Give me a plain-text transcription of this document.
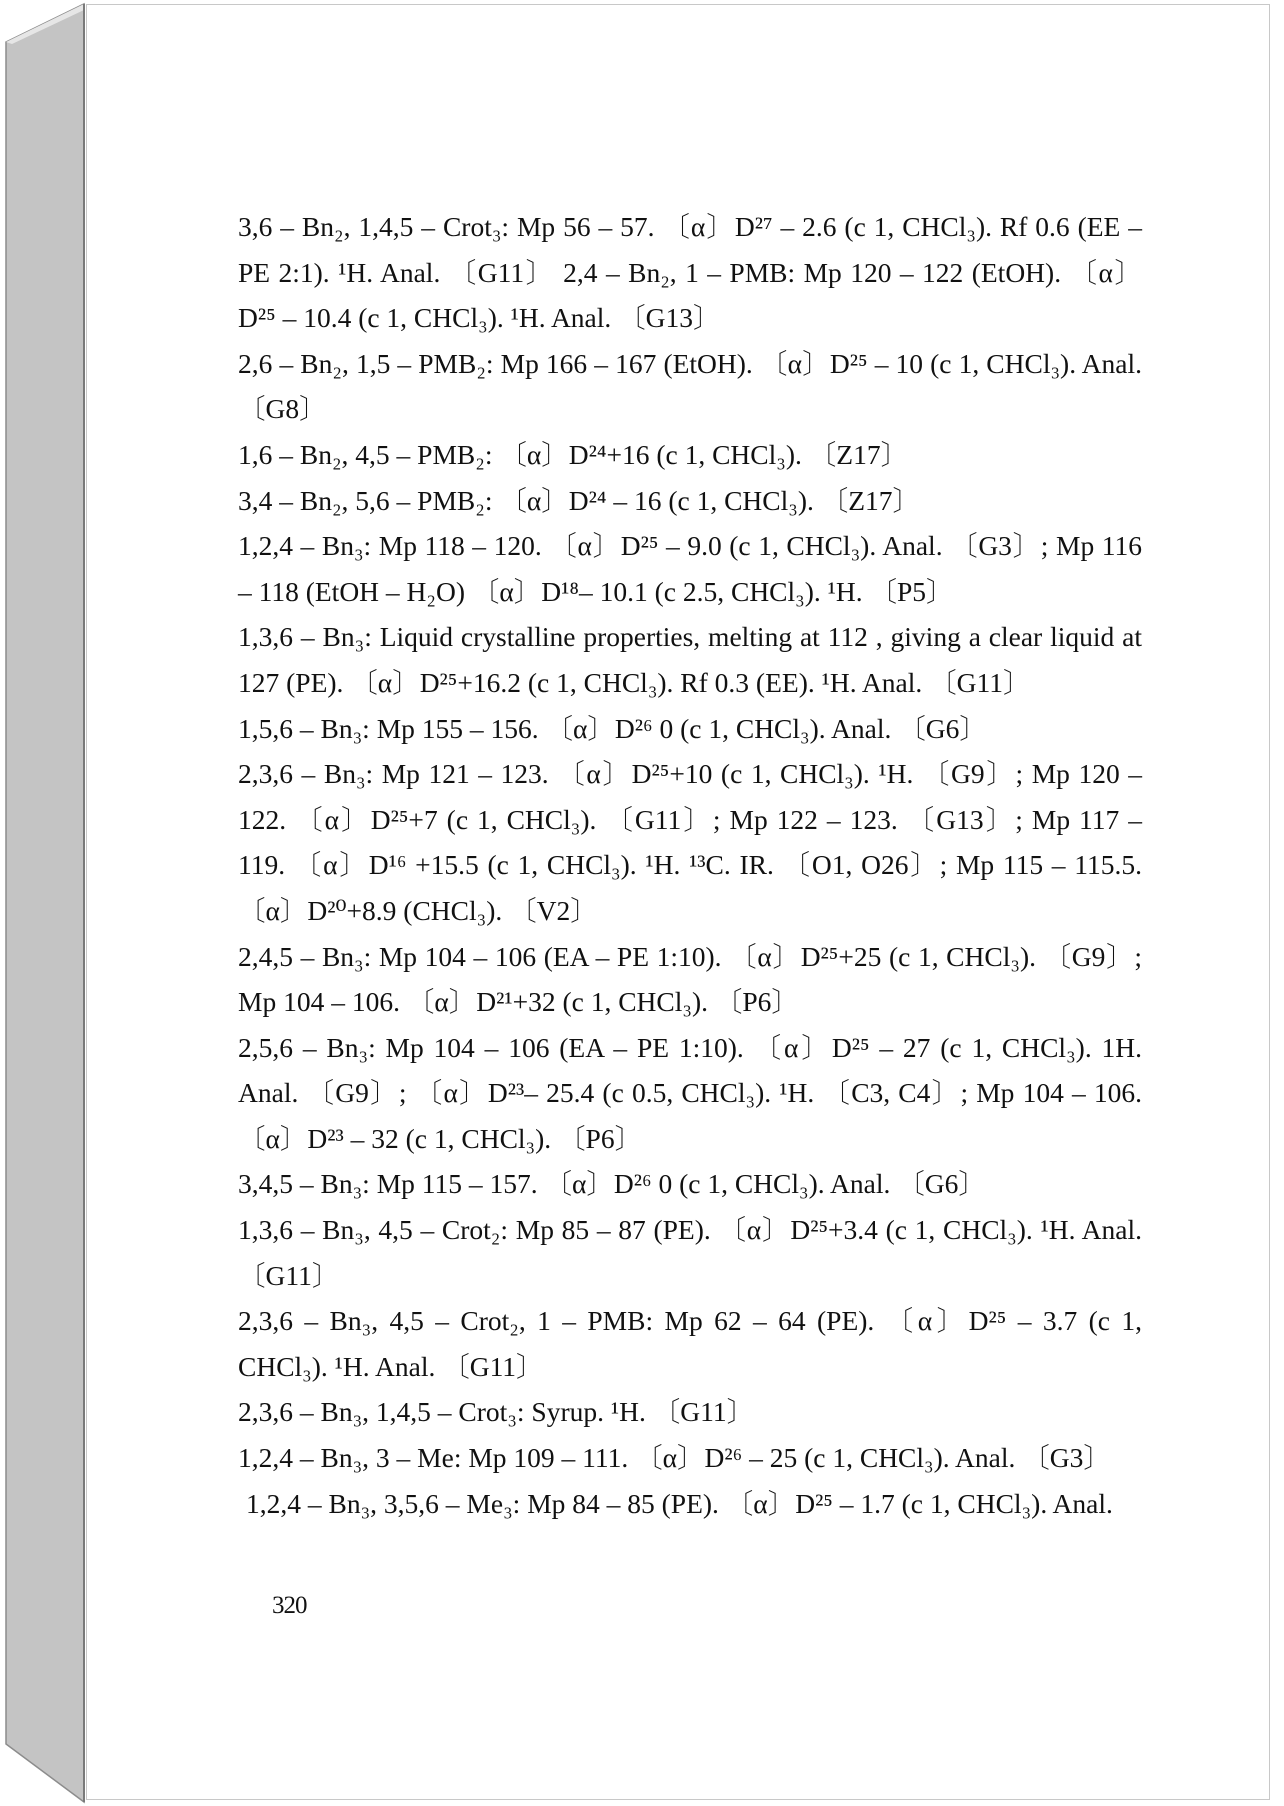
3,6 – Bn₂, 1,4,5 – Crot₃: Mp 56 – 57. 〔α〕D²⁷ – 2.6 (c 1, CHCl₃). Rf 0.6 (EE – PE 2:1). ¹H. Anal. 〔G11〕 2,4 – Bn₂, 1 – PMB: Mp 120 – 122 (EtOH). 〔α〕D²⁵ – 10.4 (c 1, CHCl₃). ¹H. Anal. 〔G13〕

2,6 – Bn₂, 1,5 – PMB₂: Mp 166 – 167 (EtOH). 〔α〕D²⁵ – 10 (c 1, CHCl₃). Anal. 〔G8〕

1,6 – Bn₂, 4,5 – PMB₂: 〔α〕D²⁴+16 (c 1, CHCl₃). 〔Z17〕

3,4 – Bn₂, 5,6 – PMB₂: 〔α〕D²⁴ – 16 (c 1, CHCl₃). 〔Z17〕

1,2,4 – Bn₃: Mp 118 – 120. 〔α〕D²⁵ – 9.0 (c 1, CHCl₃). Anal. 〔G3〕; Mp 116 – 118 (EtOH – H₂O) 〔α〕D¹⁸– 10.1 (c 2.5, CHCl₃). ¹H. 〔P5〕

1,3,6 – Bn₃: Liquid crystalline properties, melting at 112 , giving a clear liquid at 127 (PE). 〔α〕D²⁵+16.2 (c 1, CHCl₃). Rf 0.3 (EE). ¹H. Anal. 〔G11〕

1,5,6 – Bn₃: Mp 155 – 156. 〔α〕D²⁶ 0 (c 1, CHCl₃). Anal. 〔G6〕

2,3,6 – Bn₃: Mp 121 – 123. 〔α〕D²⁵+10 (c 1, CHCl₃). ¹H. 〔G9〕; Mp 120 – 122. 〔α〕D²⁵+7 (c 1, CHCl₃). 〔G11〕; Mp 122 – 123. 〔G13〕; Mp 117 – 119. 〔α〕D¹⁶ +15.5 (c 1, CHCl₃). ¹H. ¹³C. IR. 〔O1, O26〕; Mp 115 – 115.5. 〔α〕D²⁰+8.9 (CHCl₃). 〔V2〕

2,4,5 – Bn₃: Mp 104 – 106 (EA – PE 1:10). 〔α〕D²⁵+25 (c 1, CHCl₃). 〔G9〕; Mp 104 – 106. 〔α〕D²¹+32 (c 1, CHCl₃). 〔P6〕

2,5,6 – Bn₃: Mp 104 – 106 (EA – PE 1:10). 〔α〕D²⁵ – 27 (c 1, CHCl₃). 1H. Anal. 〔G9〕; 〔α〕D²³– 25.4 (c 0.5, CHCl₃). ¹H. 〔C3, C4〕; Mp 104 – 106. 〔α〕D²³ – 32 (c 1, CHCl₃). 〔P6〕

3,4,5 – Bn₃: Mp 115 – 157. 〔α〕D²⁶ 0 (c 1, CHCl₃). Anal. 〔G6〕

1,3,6 – Bn₃, 4,5 – Crot₂: Mp 85 – 87 (PE). 〔α〕D²⁵+3.4 (c 1, CHCl₃). ¹H. Anal. 〔G11〕

2,3,6 – Bn₃, 4,5 – Crot₂, 1 – PMB: Mp 62 – 64 (PE). 〔α〕D²⁵ – 3.7 (c 1, CHCl₃). ¹H. Anal. 〔G11〕

2,3,6 – Bn₃, 1,4,5 – Crot₃: Syrup. ¹H. 〔G11〕

1,2,4 – Bn₃, 3 – Me: Mp 109 – 111. 〔α〕D²⁶ – 25 (c 1, CHCl₃). Anal. 〔G3〕

1,2,4 – Bn₃, 3,5,6 – Me₃: Mp 84 – 85 (PE). 〔α〕D²⁵ – 1.7 (c 1, CHCl₃). Anal.

320
